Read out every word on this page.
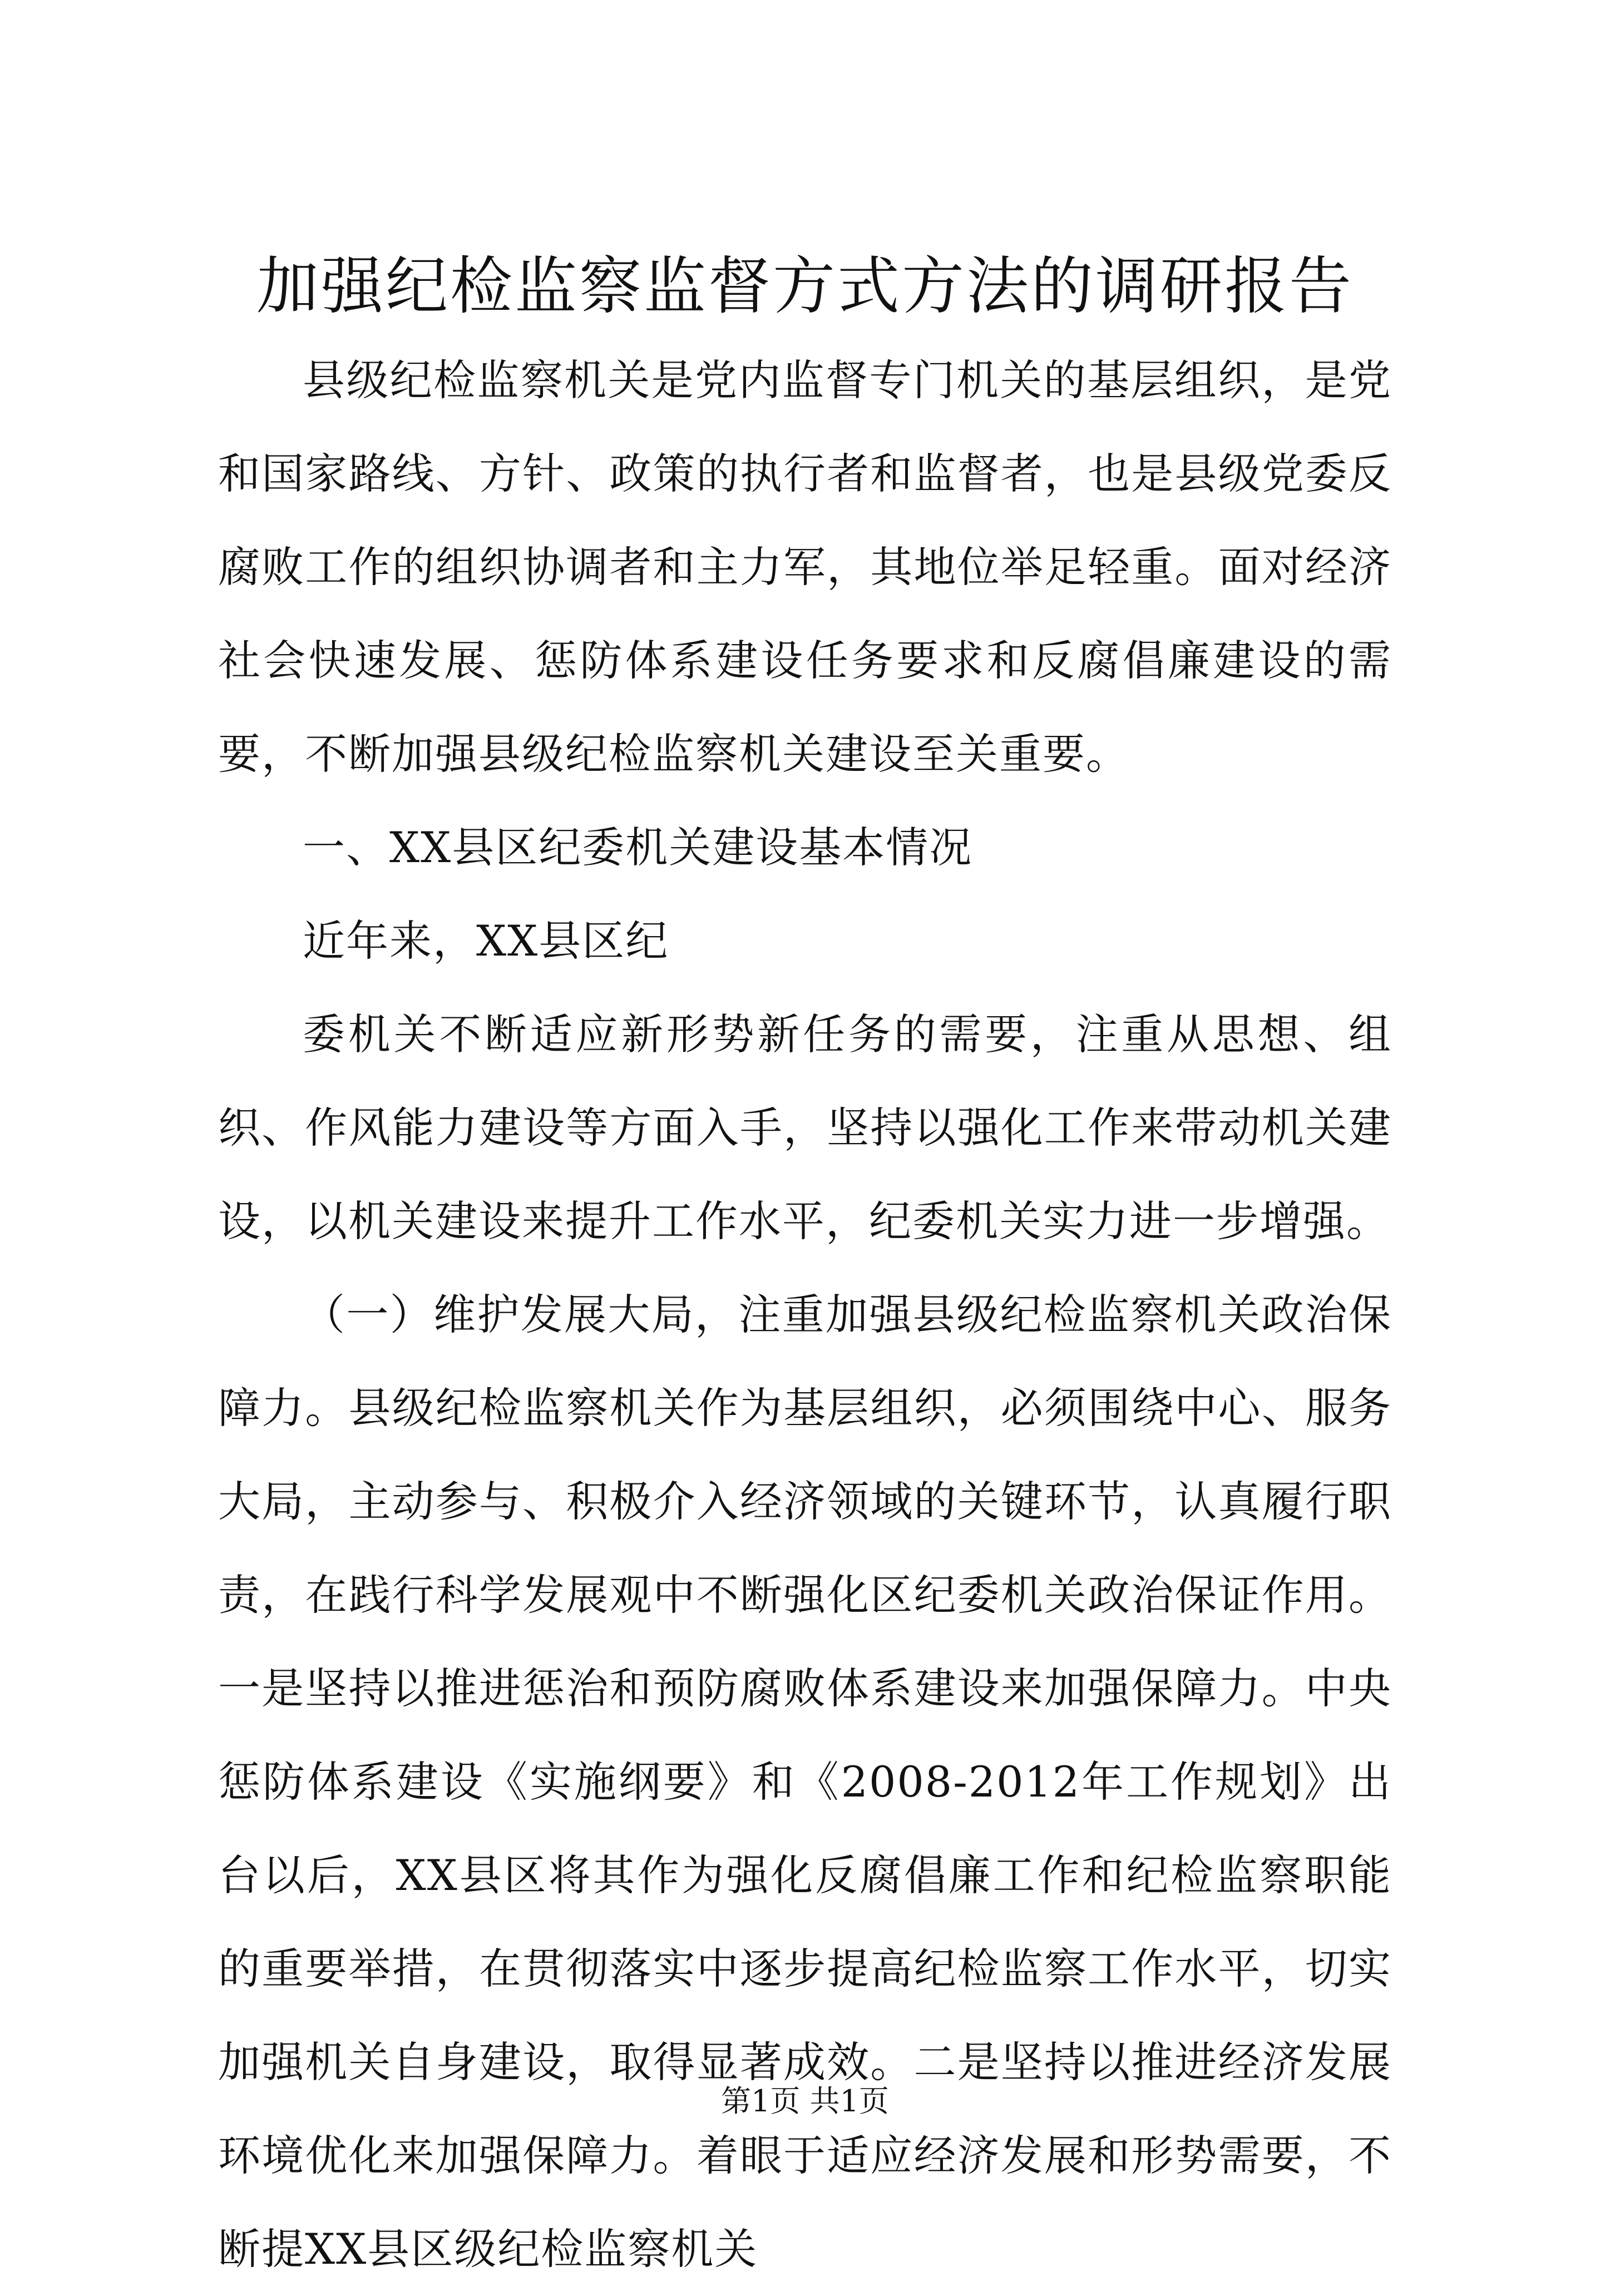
加强纪检监察监督方式方法的调研报告

县级纪检监察机关是党内监督专门机关的基层组织，是党和国家路线、方针、政策的执行者和监督者，也是县级党委反腐败工作的组织协调者和主力军，其地位举足轻重。面对经济社会快速发展、惩防体系建设任务要求和反腐倡廉建设的需要，不断加强县级纪检监察机关建设至关重要。

一、XX县区纪委机关建设基本情况

近年来，XX县区纪

委机关不断适应新形势新任务的需要，注重从思想、组织、作风能力建设等方面入手，坚持以强化工作来带动机关建设，以机关建设来提升工作水平，纪委机关实力进一步增强。

（一）维护发展大局，注重加强县级纪检监察机关政治保障力。县级纪检监察机关作为基层组织，必须围绕中心、服务大局，主动参与、积极介入经济领域的关键环节，认真履行职责，在践行科学发展观中不断强化区纪委机关政治保证作用。一是坚持以推进惩治和预防腐败体系建设来加强保障力。中央惩防体系建设《实施纲要》和《2008-2012年工作规划》出台以后，XX县区将其作为强化反腐倡廉工作和纪检监察职能的重要举措，在贯彻落实中逐步提高纪检监察工作水平，切实加强机关自身建设，取得显著成效。二是坚持以推进经济发展环境优化来加强保障力。着眼于适应经济发展和形势需要，不断提XX县区级纪检监察机关

第1页 共1页
